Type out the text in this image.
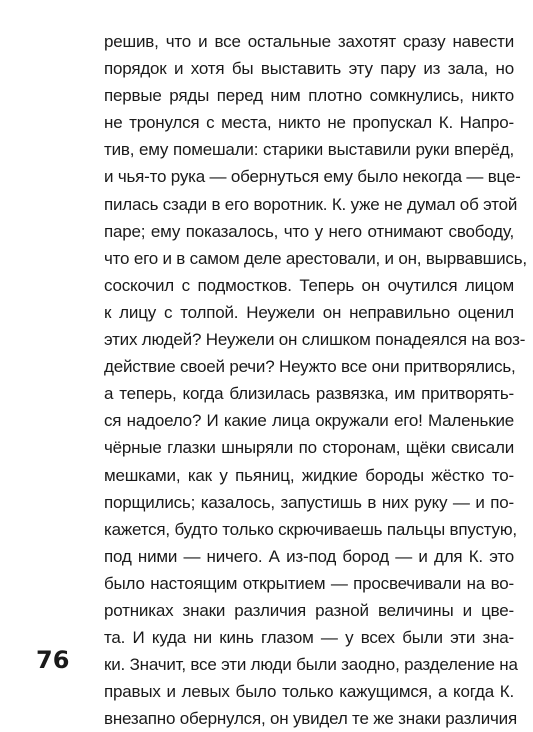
решив, что и все остальные захотят сразу навести
порядок и хотя бы выставить эту пару из зала, но
первые ряды перед ним плотно сомкнулись, никто
не тронулся с места, никто не пропускал К. Напро-
тив, ему помешали: старики выставили руки вперёд,
и чья-то рука — обернуться ему было некогда — вце-
пилась сзади в его воротник. К. уже не думал об этой
паре; ему показалось, что у него отнимают свободу,
что его и в самом деле арестовали, и он, вырвавшись,
соскочил с подмостков. Теперь он очутился лицом
к лицу с толпой. Неужели он неправильно оценил
этих людей? Неужели он слишком понадеялся на воз-
действие своей речи? Неужто все они притворялись,
а теперь, когда близилась развязка, им притворять-
ся надоело? И какие лица окружали его! Маленькие
чёрные глазки шныряли по сторонам, щёки свисали
мешками, как у пьяниц, жидкие бороды жёстко то-
порщились; казалось, запустишь в них руку — и по-
кажется, будто только скрючиваешь пальцы впустую,
под ними — ничего. А из-под бород — и для К. это
было настоящим открытием — просвечивали на во-
ротниках знаки различия разной величины и цве-
та. И куда ни кинь глазом — у всех были эти зна-
ки. Значит, все эти люди были заодно, разделение на
правых и левых было только кажущимся, а когда К.
внезапно обернулся, он увидел те же знаки различия
76
